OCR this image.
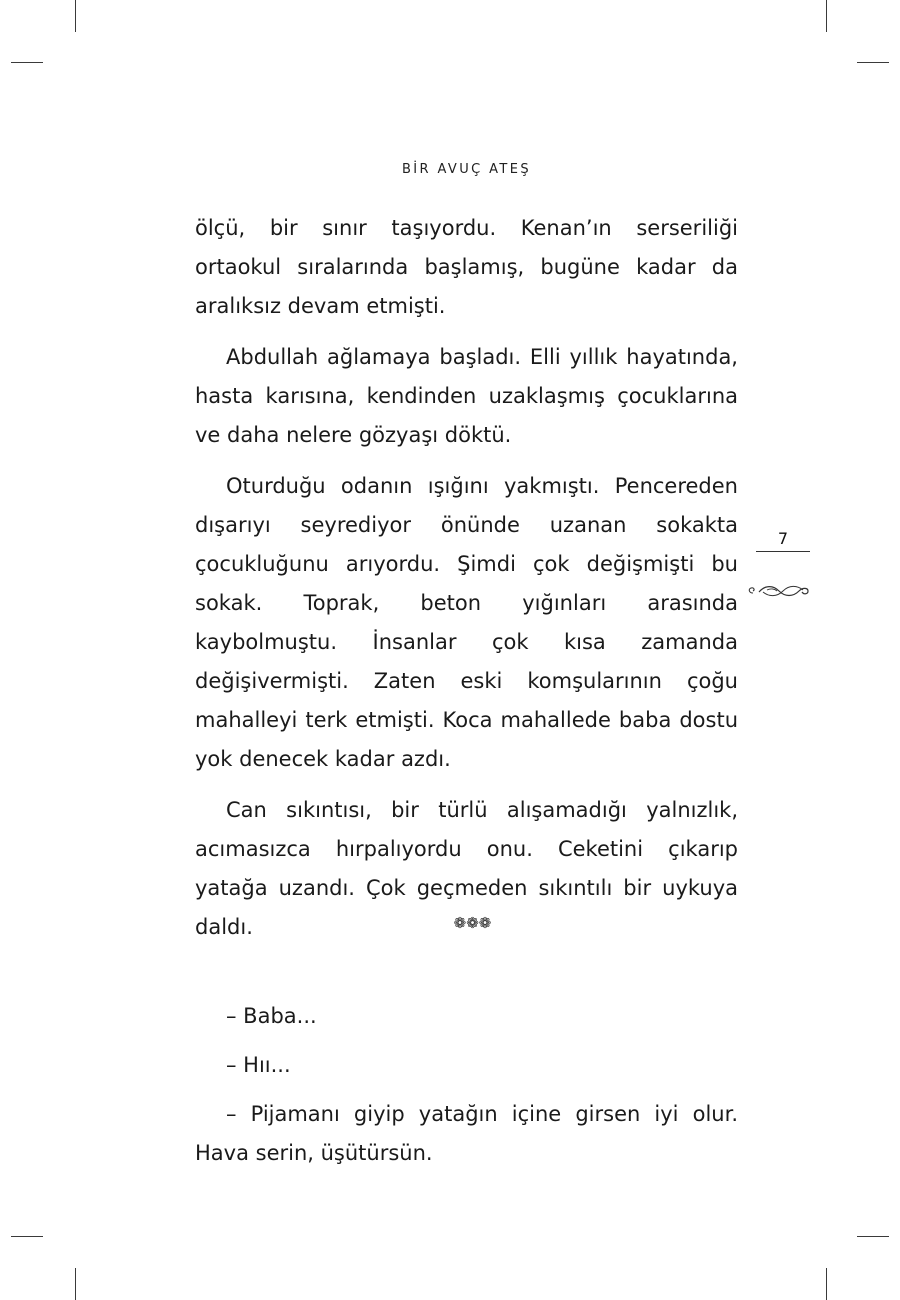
BİR AVUÇ ATEŞ

ölçü, bir sınır taşıyordu. Kenan’ın serseriliği ortaokul sıralarında başlamış, bugüne kadar da aralıksız devam etmişti.

Abdullah ağlamaya başladı. Elli yıllık hayatında, hasta karısına, kendinden uzaklaşmış çocuklarına ve daha nelere gözyaşı döktü.

Oturduğu odanın ışığını yakmıştı. Pencereden dışarıyı seyrediyor önünde uzanan sokakta çocukluğunu arıyordu. Şimdi çok değişmişti bu sokak. Toprak, beton yığınları arasında kaybolmuştu. İnsanlar çok kısa zamanda değişivermişti. Zaten eski komşularının çoğu mahalleyi terk etmişti. Koca mahallede baba dostu yok denecek kadar azdı.

Can sıkıntısı, bir türlü alışamadığı yalnızlık, acımasızca hırpalıyordu onu. Ceketini çıkarıp yatağa uzandı. Çok geçmeden sıkıntılı bir uykuya daldı.	❁❁❁

– Baba...

– Hıı...

– Pijamanı giyip yatağın içine girsen iyi olur. Hava serin, üşütürsün.

7
